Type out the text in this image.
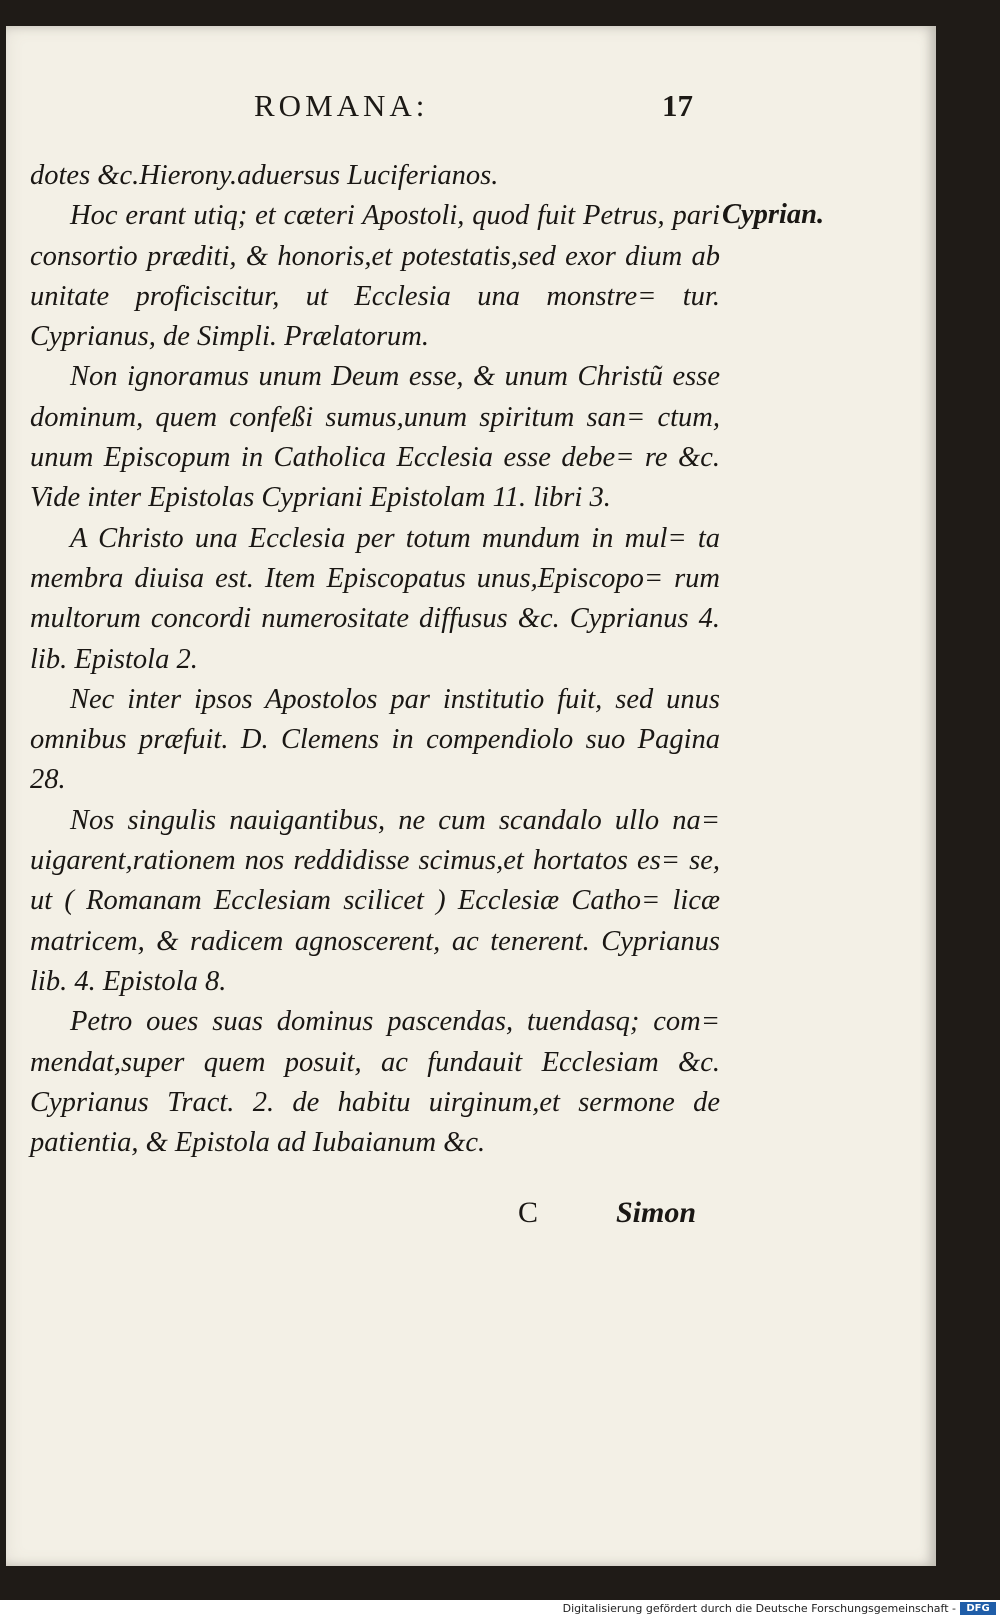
ROMANA:	17

dotes &c.Hierony.aduersus Luciferianos.

Hoc erant utiq; et cæteri Apostoli, quod fuit Petrus, pari consortio præditi, & honoris,et potestatis,sed exor dium ab unitate proficiscitur, ut Ecclesia una monstre= tur. Cyprianus, de Simpli. Prælatorum.

Non ignoramus unum Deum esse, & unum Christũ esse dominum, quem confeßi sumus,unum spiritum san= ctum, unum Episcopum in Catholica Ecclesia esse debe= re &c. Vide inter Epistolas Cypriani Epistolam 11. libri 3.

A Christo una Ecclesia per totum mundum in mul= ta membra diuisa est. Item Episcopatus unus,Episcopo= rum multorum concordi numerositate diffusus &c. Cyprianus 4. lib. Epistola 2.

Nec inter ipsos Apostolos par institutio fuit, sed unus omnibus præfuit. D. Clemens in compendiolo suo Pagina 28.

Nos singulis nauigantibus, ne cum scandalo ullo na= uigarent,rationem nos reddidisse scimus,et hortatos es= se, ut ( Romanam Ecclesiam scilicet ) Ecclesiæ Catho= licæ matricem, & radicem agnoscerent, ac tenerent. Cyprianus lib. 4. Epistola 8.

Petro oues suas dominus pascendas, tuendasq; com= mendat,super quem posuit, ac fundauit Ecclesiam &c. Cyprianus Tract. 2. de habitu uirginum,et sermone de patientia, & Epistola ad Iubaianum &c.

Cyprian.
C	Simon
Digitalisierung gefördert durch die Deutsche Forschungsgemeinschaft -	DFG
